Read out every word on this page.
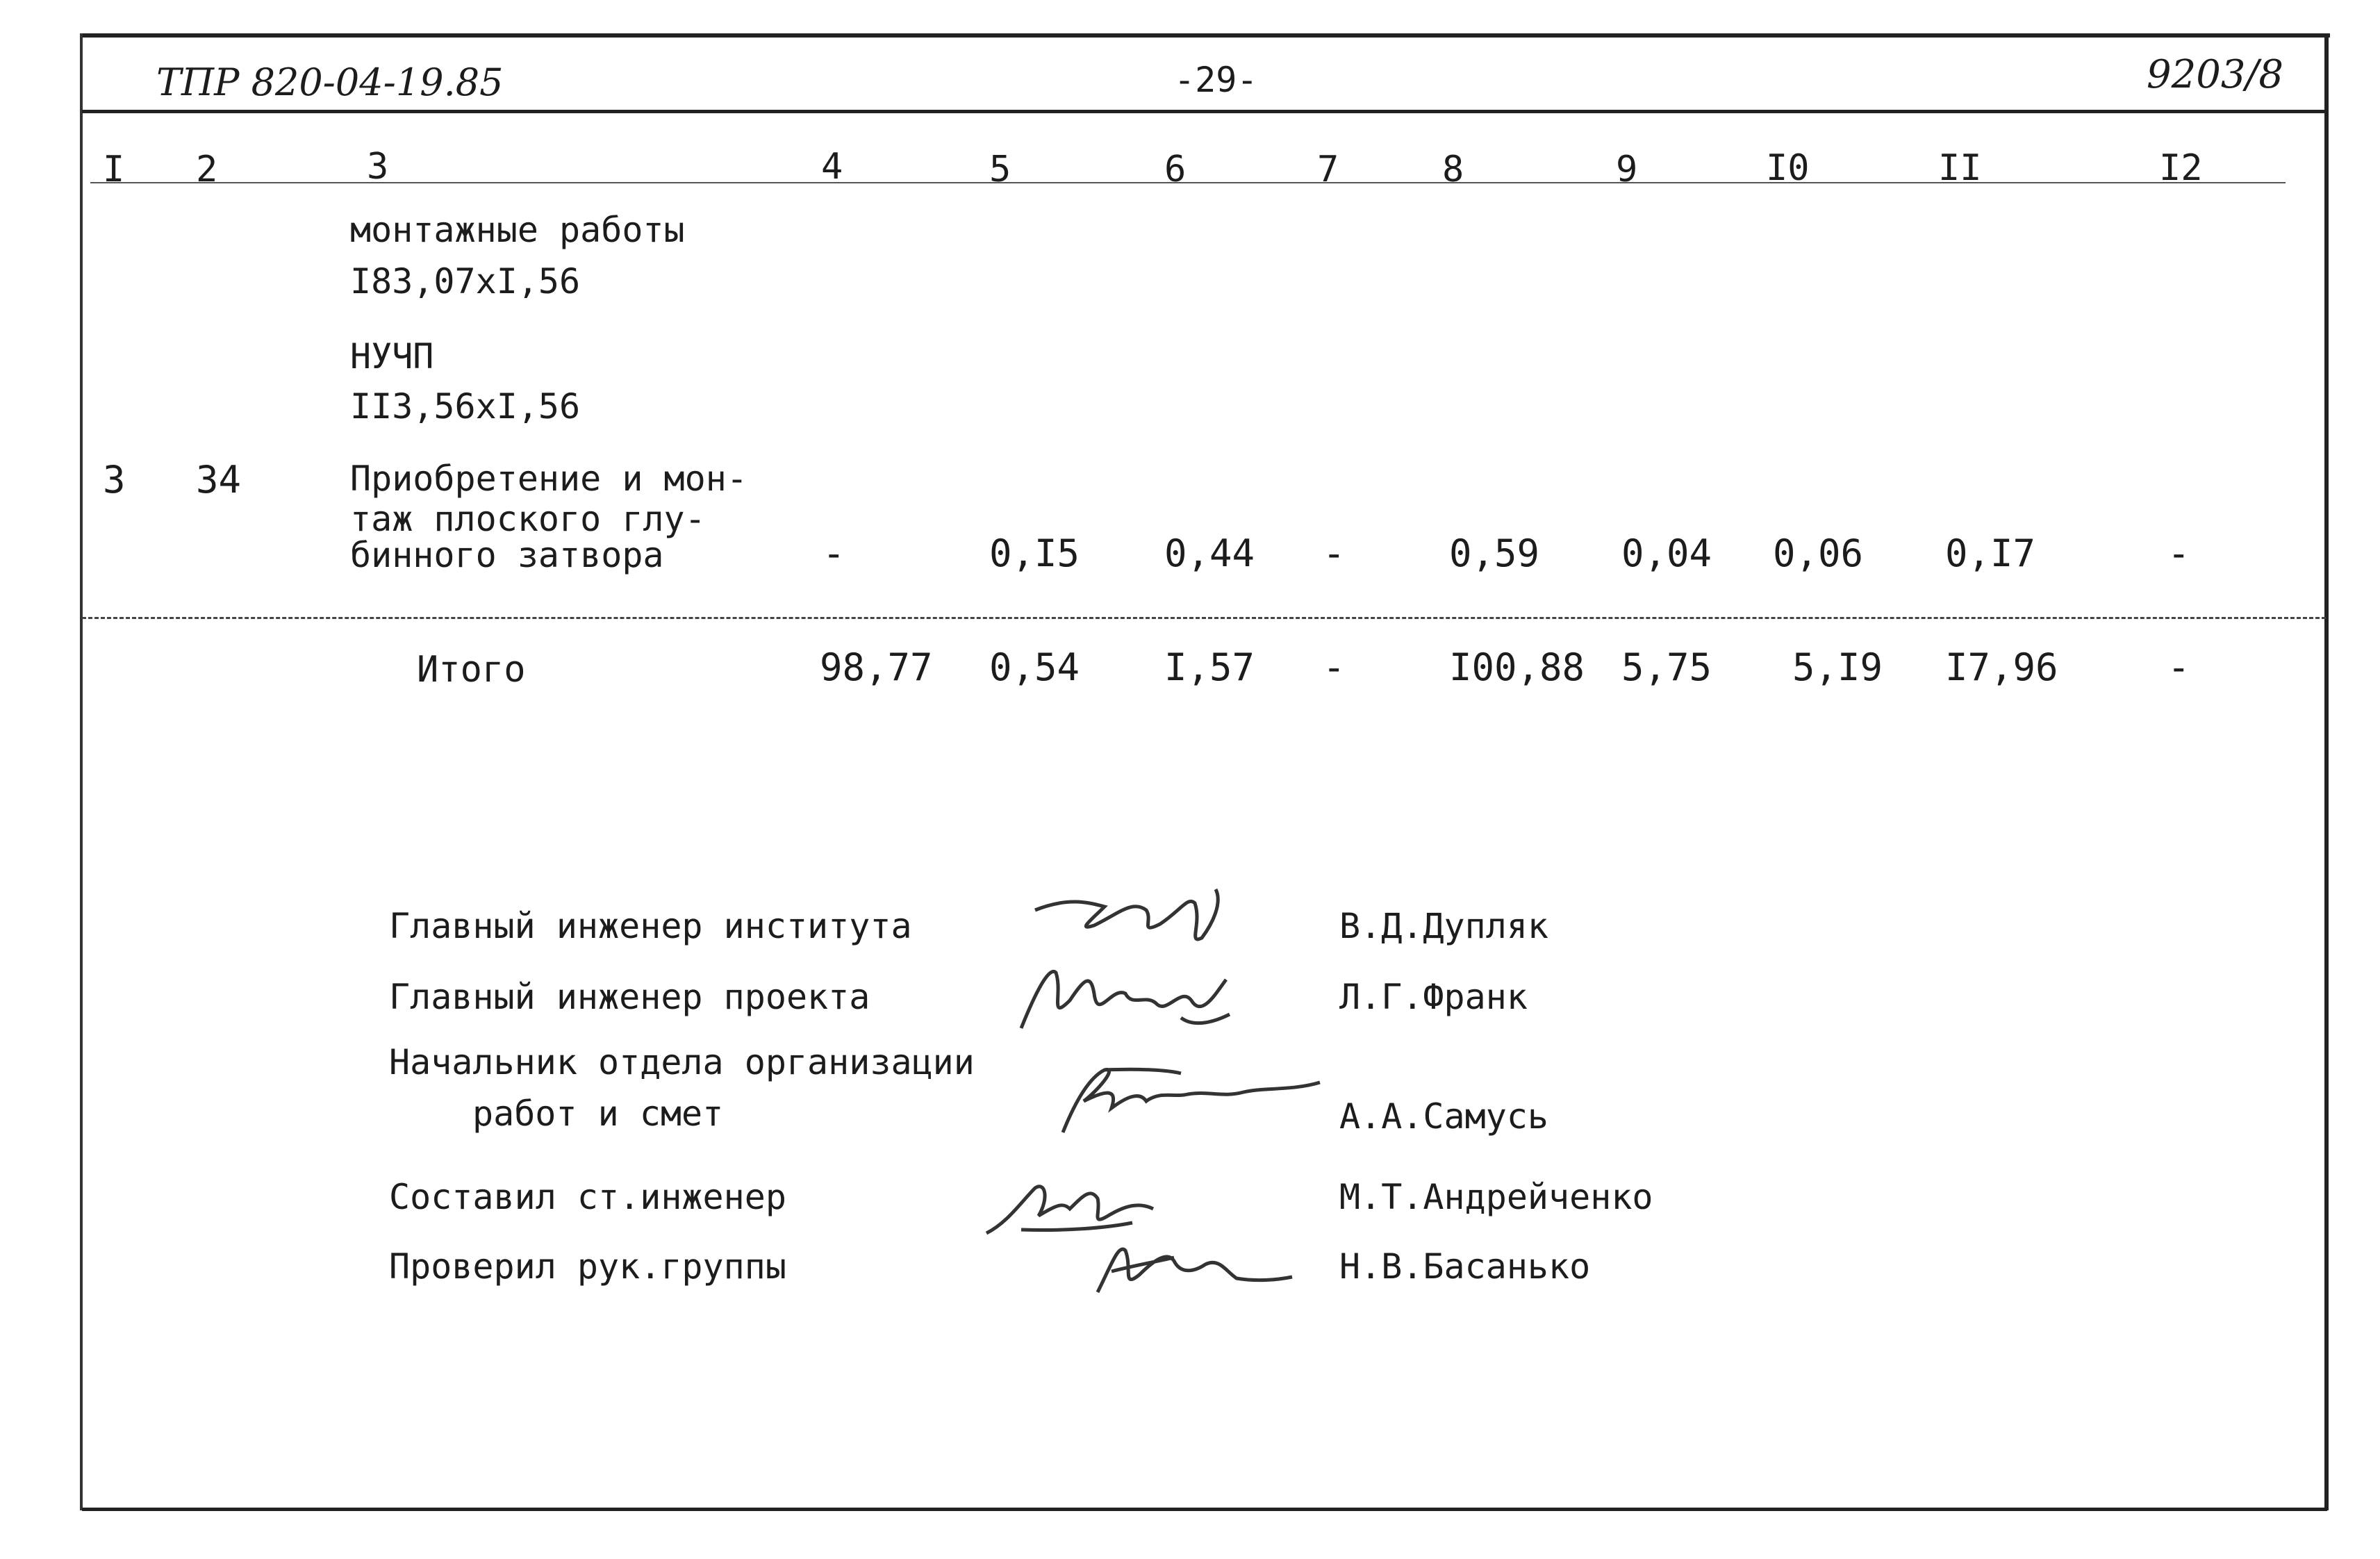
ТПР 820-04-19.85	-29-	9203/8
I 2	3	4	5	6	7	8	9	I0	II	I2
монтажные работы
I83,07xI,56
НУЧП
II3,56xI,56
3 34	Приобретение и мон-
таж плоского глу-
бинного затвора	-	0,I5 0,44 -	0,59 0,04 0,06 0,I7	-
Итого	98,77 0,54 I,57 -	I00,88 5,75 5,I9 I7,96	-
Главный инженер института	В.Д.Дупляк
Главный инженер проекта	Л.Г.Франк
Начальник отдела организации
работ и смет	А.А.Самусь
Составил ст.инженер	М.Т.Андрейченко
Проверил рук.группы	Н.В.Басанько
